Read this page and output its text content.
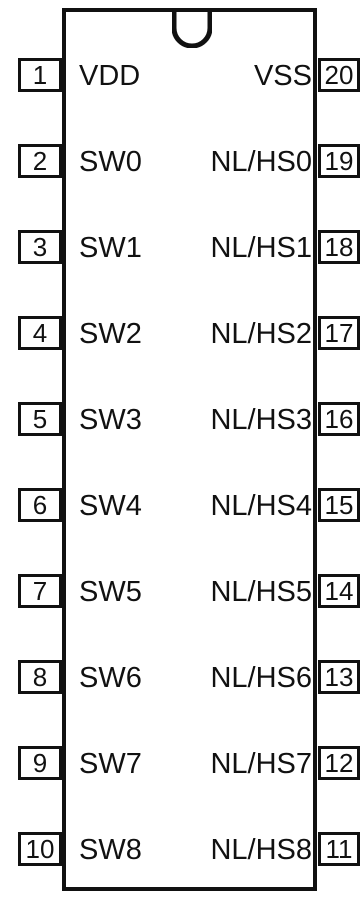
1	VDD	VSS 20
2	SW0 NL/HS0 19
3	SW1 NL/HS1 18
4	SW2 NL/HS2 17
5	SW3 NL/HS3 16
6	SW4 NL/HS4 15
7	SW5 NL/HS5 14
8	SW6 NL/HS6 13
9	SW7 NL/HS7 12
10 SW8 NL/HS8 11
